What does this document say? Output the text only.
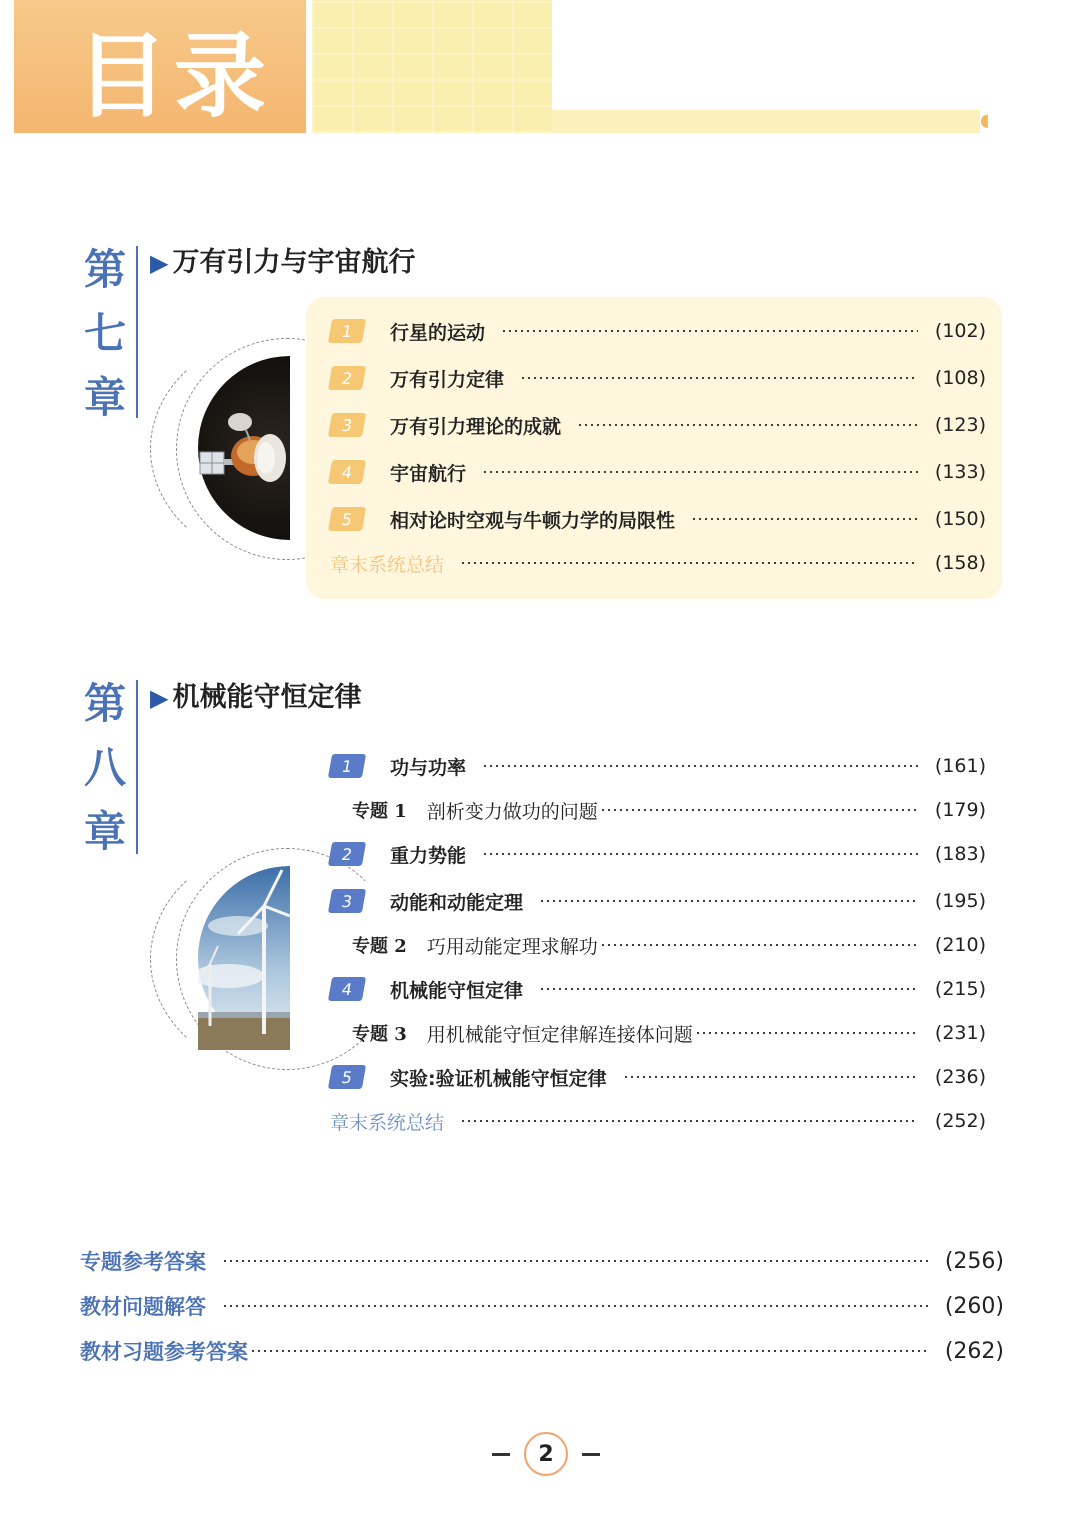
目录	◖
第
七
章
▶ 万有引力与宇宙航行
1	行星的运动	(102)
2	万有引力定律	(108)
3	万有引力理论的成就	(123)
4	宇宙航行	(133)
5	相对论时空观与牛顿力学的局限性	(150)
章末系统总结	(158)
第
八
章
▶ 机械能守恒定律
1	功与功率	(161)
专题 1 剖析变力做功的问题	(179)
2	重力势能	(183)
3	动能和动能定理	(195)
专题 2 巧用动能定理求解功	(210)
4	机械能守恒定律	(215)
专题 3 用机械能守恒定律解连接体问题	(231)
5	实验:验证机械能守恒定律	(236)
章末系统总结	(252)
专题参考答案	(256)
教材问题解答	(260)
教材习题参考答案	(262)
2
